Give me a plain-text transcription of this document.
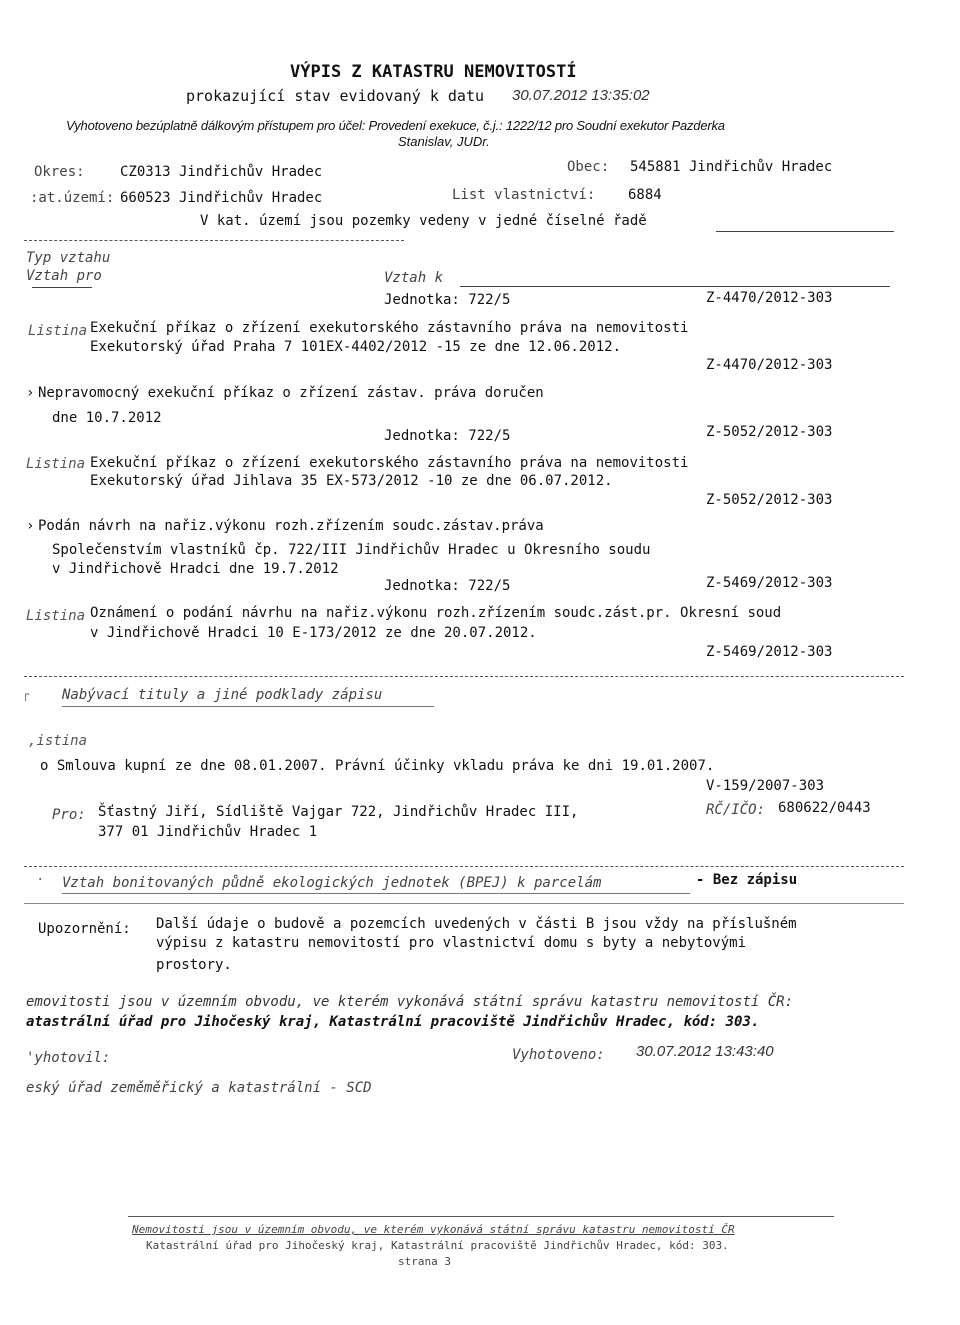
VÝPIS Z KATASTRU NEMOVITOSTÍ
prokazující stav evidovaný k datu 30.07.2012 13:35:02
Vyhotoveno bezúplatně dálkovým přístupem pro účel: Provedení exekuce, č.j.: 1222/12 pro Soudní exekutor Pazderka
Stanislav, JUDr.
Okres:	CZ0313 Jindřichův Hradec	Obec: 545881 Jindřichův Hradec
:at.území: 660523 Jindřichův Hradec	List vlastnictví: 6884
V kat. území jsou pozemky vedeny v jedné číselné řadě
Typ vztahu
Vztah pro	Vztah k
Jednotka: 722/5	Z-4470/2012-303
Listina Exekuční příkaz o zřízení exekutorského zástavního práva na nemovitosti
Exekutorský úřad Praha 7 101EX-4402/2012 -15 ze dne 12.06.2012.
Z-4470/2012-303
› Nepravomocný exekuční příkaz o zřízení zástav. práva doručen
dne 10.7.2012
Jednotka: 722/5	Z-5052/2012-303
Listina Exekuční příkaz o zřízení exekutorského zástavního práva na nemovitosti
Exekutorský úřad Jihlava 35 EX-573/2012 -10 ze dne 06.07.2012.
Z-5052/2012-303
› Podán návrh na nařiz.výkonu rozh.zřízením soudc.zástav.práva
Společenstvím vlastníků čp. 722/III Jindřichův Hradec u Okresního soudu
v Jindřichově Hradci dne 19.7.2012
Jednotka: 722/5	Z-5469/2012-303
Listina Oznámení o podání návrhu na nařiz.výkonu rozh.zřízením soudc.zást.pr. Okresní soud
v Jindřichově Hradci 10 E-173/2012 ze dne 20.07.2012.
Z-5469/2012-303
┌ Nabývací tituly a jiné podklady zápisu
,istina
o Smlouva kupní ze dne 08.01.2007. Právní účinky vkladu práva ke dni 19.01.2007.
V-159/2007-303
Pro: Šťastný Jiří, Sídliště Vajgar 722, Jindřichův Hradec III,
377 01 Jindřichův Hradec 1
RČ/IČO: 680622/0443
· Vztah bonitovaných půdně ekologických jednotek (BPEJ) k parcelám	- Bez zápisu
Upozornění: Další údaje o budově a pozemcích uvedených v části B jsou vždy na příslušném
výpisu z katastru nemovitostí pro vlastnictví domu s byty a nebytovými
prostory.
emovitosti jsou v územním obvodu, ve kterém vykonává státní správu katastru nemovitostí ČR:
atastrální úřad pro Jihočeský kraj, Katastrální pracoviště Jindřichův Hradec, kód: 303.
'yhotovil:	Vyhotoveno: 30.07.2012 13:43:40
eský úřad zeměměřický a katastrální - SCD
Nemovitosti jsou v územním obvodu, ve kterém vykonává státní správu katastru nemovitostí ČR
Katastrální úřad pro Jihočeský kraj, Katastrální pracoviště Jindřichův Hradec, kód: 303.
strana 3
